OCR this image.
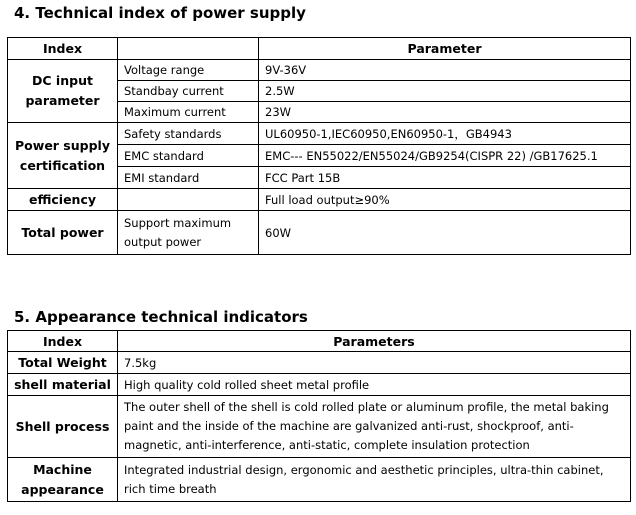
4. Technical index of power supply
Index		Parameter
DC input parameter	Voltage range	9V-36V
	Standbay current	2.5W
	Maximum current	23W
Power supply certification	Safety standards	UL60950-1,IEC60950,EN60950-1，GB4943
	EMC standard	EMC--- EN55022/EN55024/GB9254(CISPR 22) /GB17625.1
	EMI standard	FCC Part 15B
efficiency		Full load output≥90%
Total power	Support maximum output power	60W
5. Appearance technical indicators
Index	Parameters
Total Weight	7.5kg
shell material	High quality cold rolled sheet metal profile
Shell process	The outer shell of the shell is cold rolled plate or aluminum profile, the metal baking paint and the inside of the machine are galvanized anti-rust, shockproof, anti-magnetic, anti-interference, anti-static, complete insulation protection
Machine appearance	Integrated industrial design, ergonomic and aesthetic principles, ultra-thin cabinet, rich time breath
